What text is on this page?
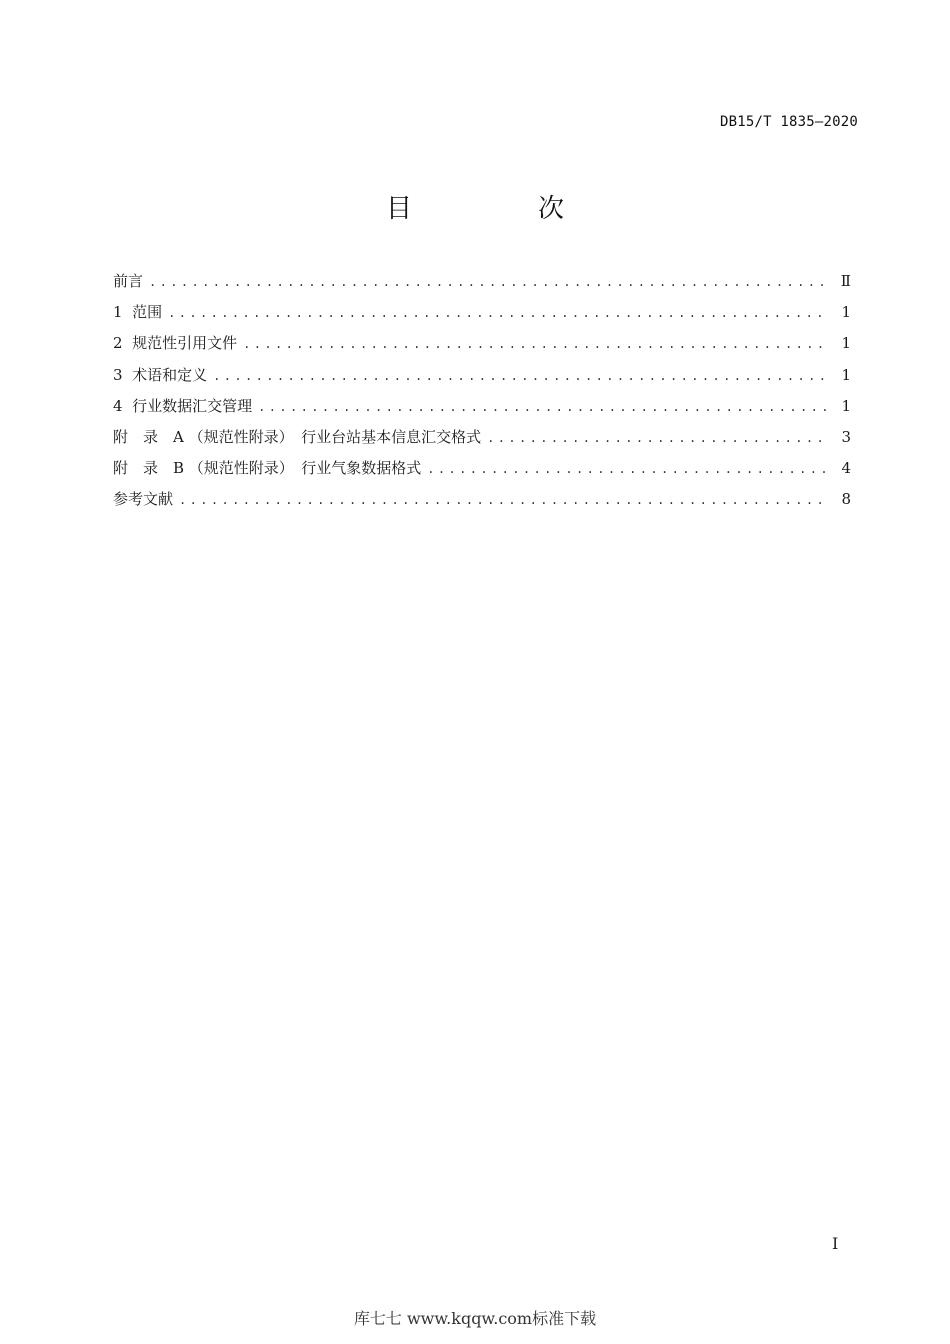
DB15/T 1835—2020
目　次
前言 .....	Ⅱ
1  范围 .....	1
2  规范性引用文件 .....	1
3  术语和定义 .....	1
4  行业数据汇交管理 .....	1
附　录　A （规范性附录）　行业台站基本信息汇交格式 .....	3
附　录　B （规范性附录）　行业气象数据格式 .....	4
参考文献 .....	8
I
库七七 www.kqqw.com标准下载
